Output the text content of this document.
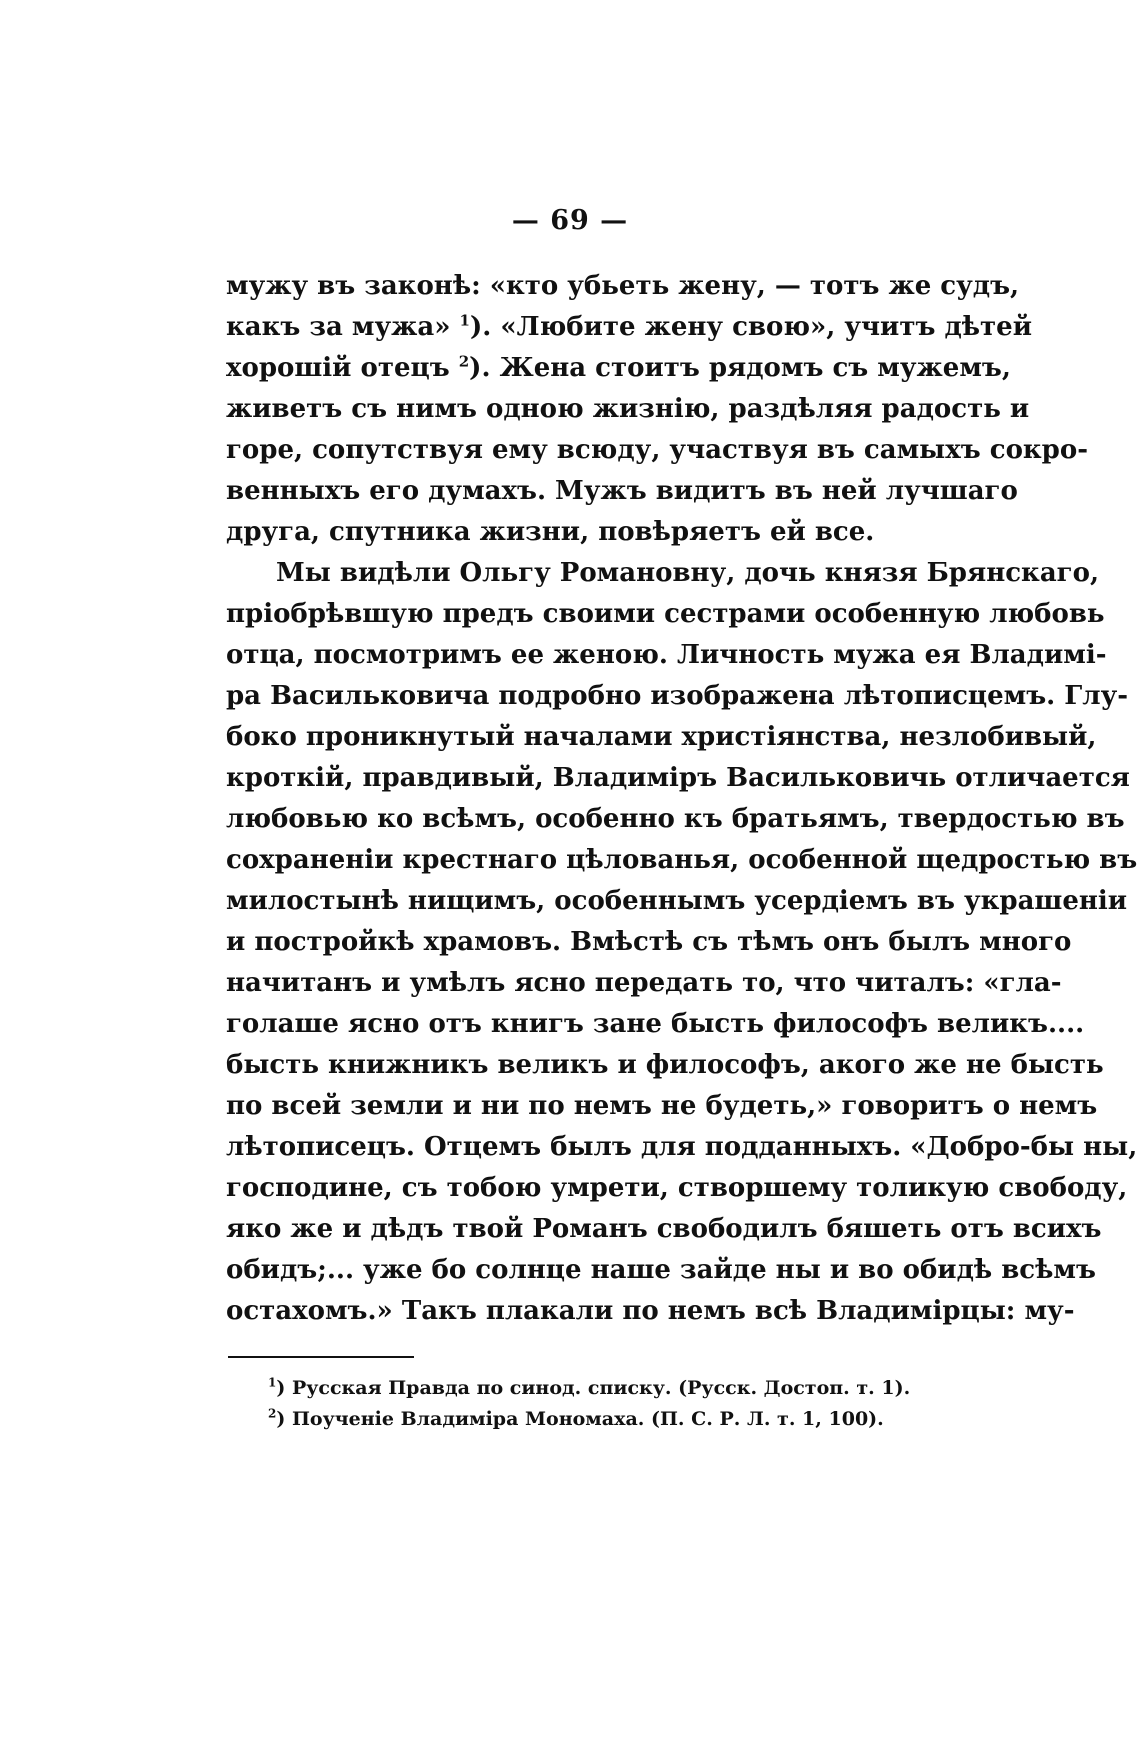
— 69 —
мужу въ законѣ: «кто убьеть жену, — тотъ же судъ,
какъ за мужа» $^1$). «Любите жену свою», учитъ дѣтей
хорошій отецъ $^2$). Жена стоитъ рядомъ съ мужемъ,
живетъ съ нимъ одною жизнію, раздѣляя радость и
горе, сопутствуя ему всюду, участвуя въ самыхъ сокро-
венныхъ его думахъ. Мужъ видитъ въ ней лучшаго
друга, спутника жизни, повѣряетъ ей все.
Мы видѣли Ольгу Романовну, дочь князя Брянскаго,
пріобрѣвшую предъ своими сестрами особенную любовь
отца, посмотримъ ее женою. Личность мужа ея Владимі-
ра Васильковича подробно изображена лѣтописцемъ. Глу-
боко проникнутый началами христіянства, незлобивый,
кроткій, правдивый, Владиміръ Васильковичь отличается
любовью ко всѣмъ, особенно къ братьямъ, твердостью въ
сохраненіи крестнаго цѣлованья, особенной щедростью въ
милостынѣ нищимъ, особеннымъ усердіемъ въ украшеніи
и постройкѣ храмовъ. Вмѣстѣ съ тѣмъ онъ былъ много
начитанъ и умѣлъ ясно передать то, что читалъ: «гла-
голаше ясно отъ книгъ зане бысть философъ великъ....
бысть книжникъ великъ и философъ, акого же не бысть
по всей земли и ни по немъ не будеть,» говоритъ о немъ
лѣтописецъ. Отцемъ былъ для подданныхъ. «Добро-бы ны,
господине, съ тобою умрети, створшему толикую свободу,
яко же и дѣдъ твой Романъ свободилъ бяшеть отъ всихъ
обидъ;... уже бо солнце наше зайде ны и во обидѣ всѣмъ
остахомъ.» Такъ плакали по немъ всѣ Владимірцы: му-
$^1$) Русская Правда по синод. списку. (Русск. Достоп. т. 1).
$^2$) Поученіе Владиміра Мономаха. (П. С. Р. Л. т. 1, 100).
